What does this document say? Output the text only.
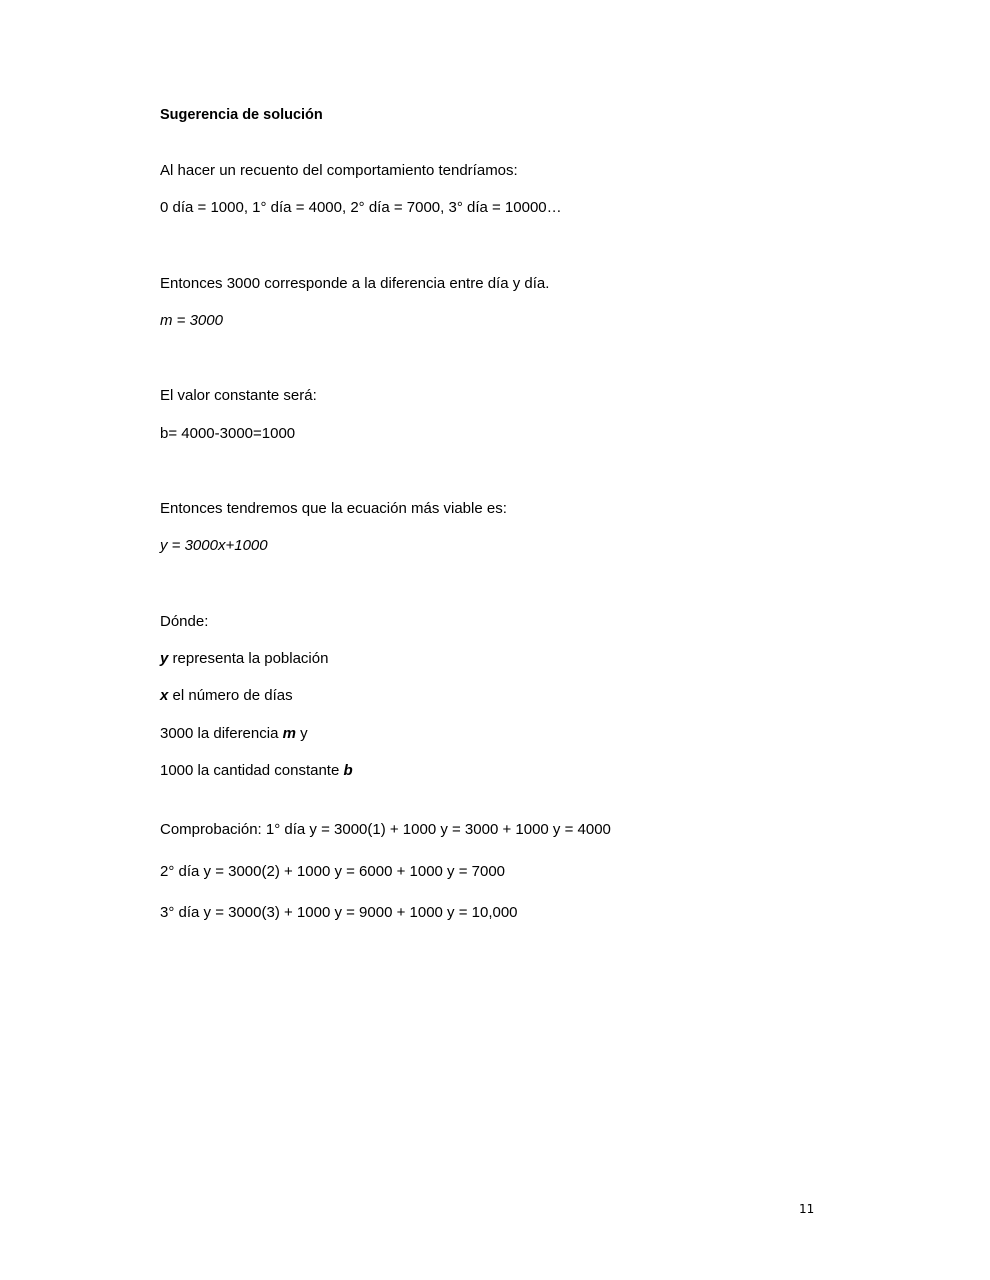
Sugerencia de solución

Al hacer un recuento del comportamiento tendríamos:

0 día = 1000, 1° día = 4000, 2° día = 7000, 3° día = 10000…

Entonces 3000 corresponde a la diferencia entre día y día.

m = 3000

El valor constante será:

b= 4000-3000=1000

Entonces tendremos que la ecuación más viable es:

y = 3000x+1000

Dónde:

y representa la población

x el número de días

3000 la diferencia m y

1000 la cantidad constante b

Comprobación: 1° día y = 3000(1) + 1000 y = 3000 + 1000 y = 4000

2° día y = 3000(2) + 1000 y = 6000 + 1000 y = 7000

3° día y = 3000(3) + 1000 y = 9000 + 1000 y = 10,000

11
